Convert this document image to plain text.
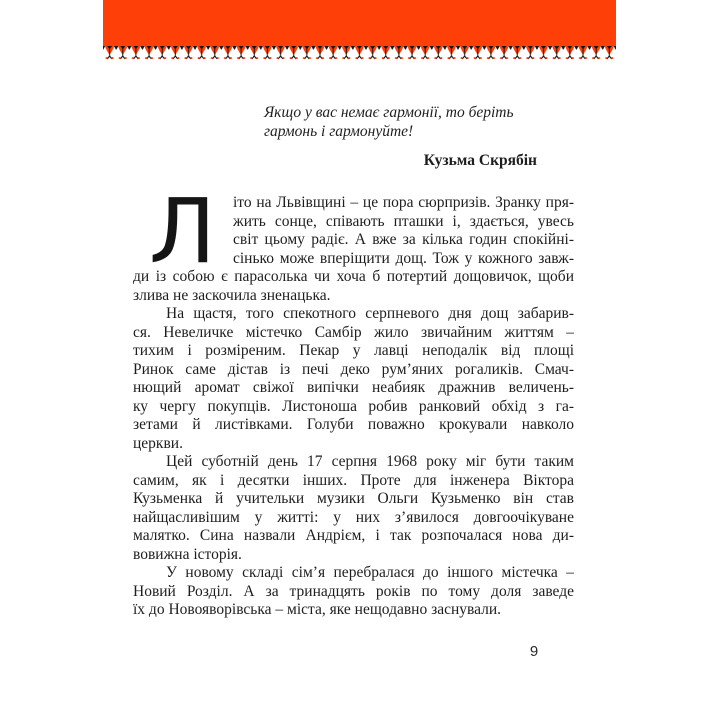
Якщо у вас немає гармонії, то беріть
гармонь і гармонуйте!
Кузьма Скрябін
Л	іто на Львівщині – це пора сюрпризів. Зранку пря-
жить сонце, співають пташки і, здається, увесь
світ цьому радіє. А вже за кілька годин спокійні-
сінько може вперіщити дощ. Тож у кожного завж-
ди із собою є парасолька чи хоча б потертий дощовичок, щоби
злива не заскочила зненацька.
На щастя, того спекотного серпневого дня дощ забарив-
ся. Невеличке містечко Самбір жило звичайним життям –
тихим і розміреним. Пекар у лавці неподалік від площі
Ринок саме дістав із печі деко рум’яних рогаликів. Смач-
нющий аромат свіжої випічки неабияк дражнив величень-
ку чергу покупців. Листоноша робив ранковий обхід з га-
зетами й листівками. Голуби поважно крокували навколо
церкви.
Цей суботній день 17 серпня 1968 року міг бути таким
самим, як і десятки інших. Проте для інженера Віктора
Кузьменка й учительки музики Ольги Кузьменко він став
найщасливішим у житті: у них з’явилося довгоочікуване
малятко. Сина назвали Андрієм, і так розпочалася нова ди-
вовижна історія.
У новому складі сім’я перебралася до іншого містечка –
Новий Розділ. А за тринадцять років по тому доля заведе
їх до Новояворівська – міста, яке нещодавно заснували.
9
